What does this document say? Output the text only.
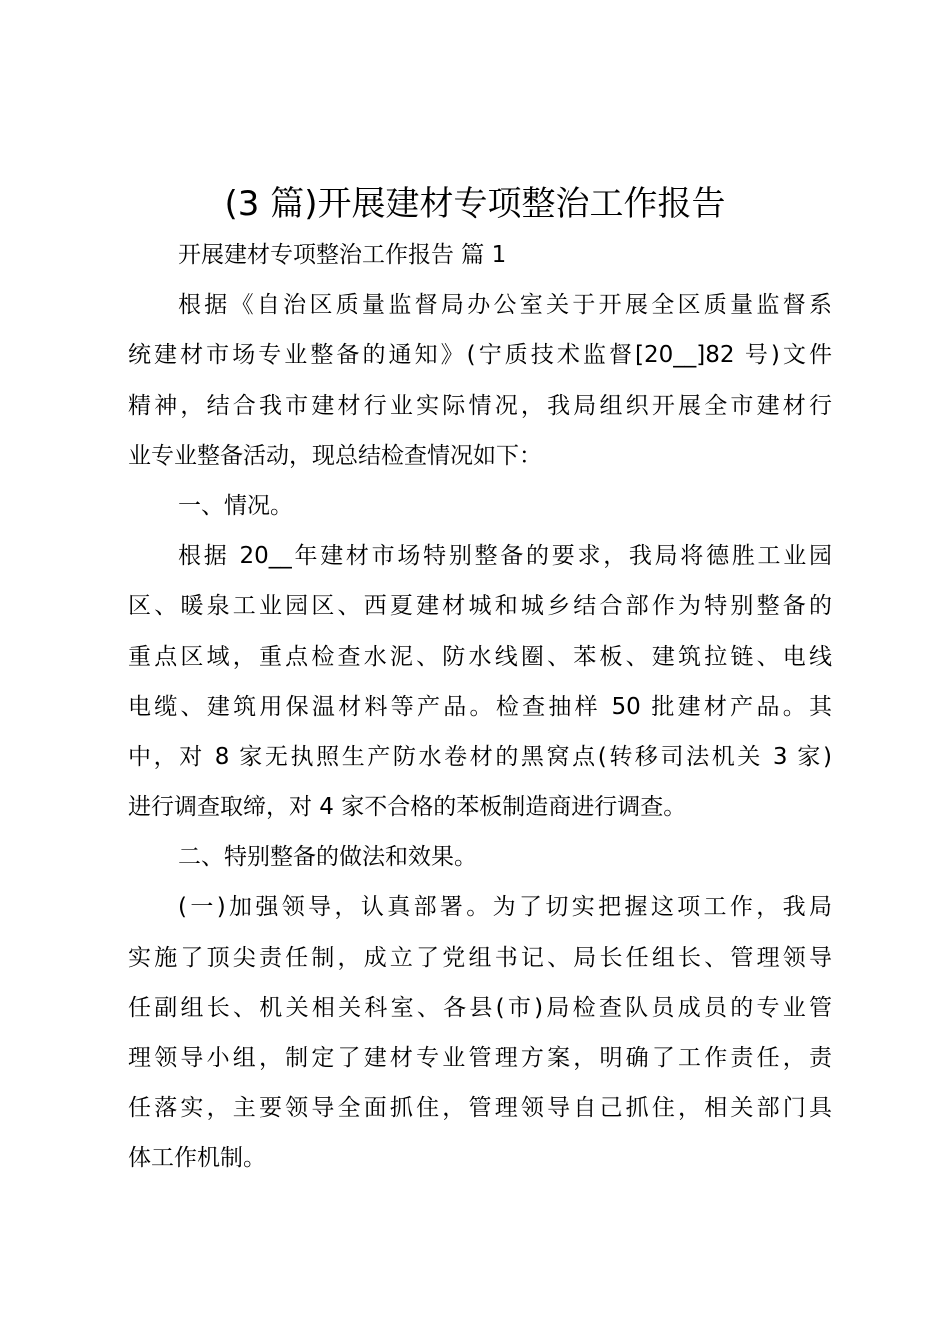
(3 篇)开展建材专项整治工作报告
开展建材专项整治工作报告 篇 1
根据《自治区质量监督局办公室关于开展全区质量监督系
统建材市场专业整备的通知》(宁质技术监督[20__]82 号)文件
精神，结合我市建材行业实际情况，我局组织开展全市建材行
业专业整备活动，现总结检查情况如下：
一、情况。
根据 20__年建材市场特别整备的要求，我局将德胜工业园
区、暖泉工业园区、西夏建材城和城乡结合部作为特别整备的
重点区域，重点检查水泥、防水线圈、苯板、建筑拉链、电线
电缆、建筑用保温材料等产品。检查抽样 50 批建材产品。其
中，对 8 家无执照生产防水卷材的黑窝点(转移司法机关 3 家)
进行调查取缔，对 4 家不合格的苯板制造商进行调查。
二、特别整备的做法和效果。
(一)加强领导，认真部署。为了切实把握这项工作，我局
实施了顶尖责任制，成立了党组书记、局长任组长、管理领导
任副组长、机关相关科室、各县(市)局检查队员成员的专业管
理领导小组，制定了建材专业管理方案，明确了工作责任，责
任落实，主要领导全面抓住，管理领导自己抓住，相关部门具
体工作机制。
